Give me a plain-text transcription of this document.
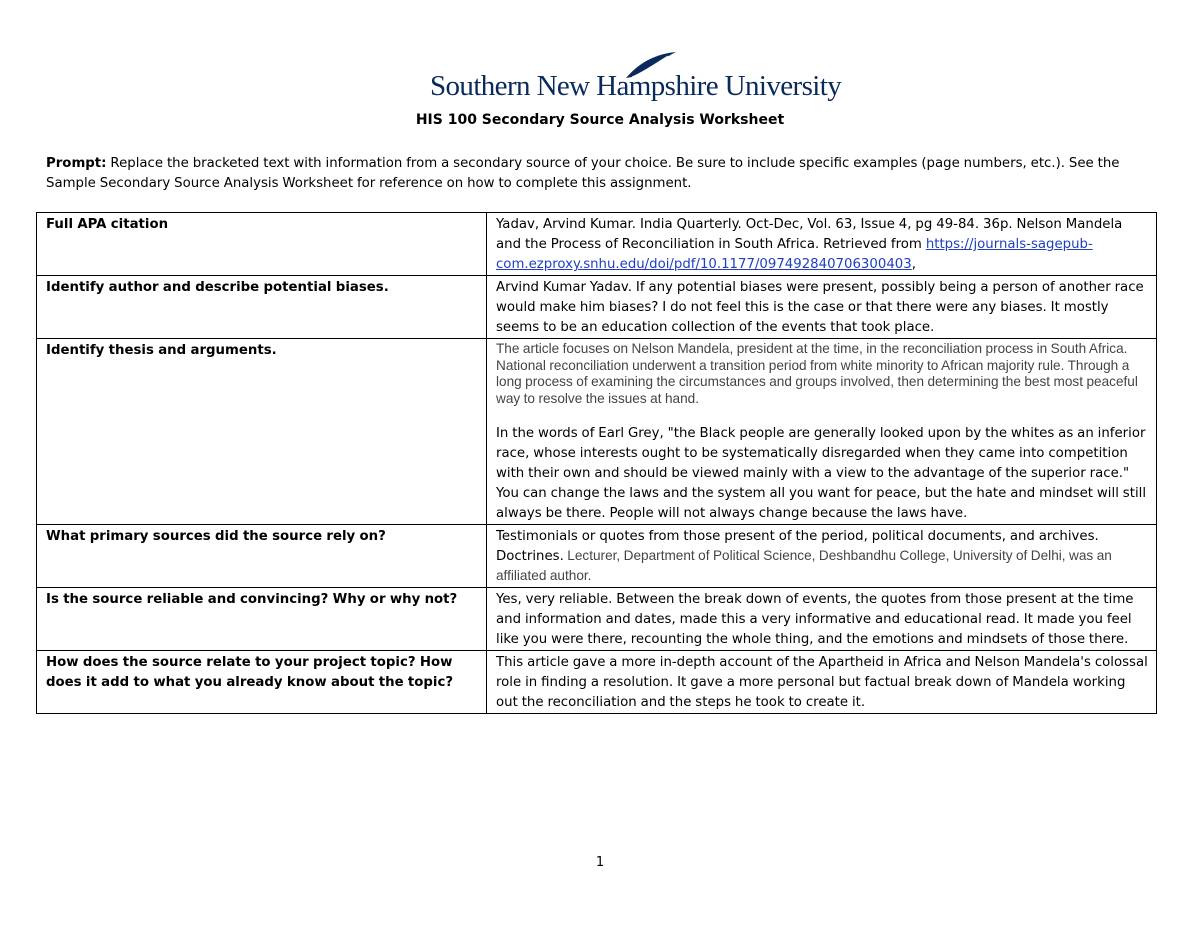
Southern New Hampshire University
HIS 100 Secondary Source Analysis Worksheet
Prompt: Replace the bracketed text with information from a secondary source of your choice. Be sure to include specific examples (page numbers, etc.). See the Sample Secondary Source Analysis Worksheet for reference on how to complete this assignment.
Full APA citation	Yadav, Arvind Kumar. India Quarterly. Oct-Dec, Vol. 63, Issue 4, pg 49-84. 36p. Nelson Mandela and the Process of Reconciliation in South Africa. Retrieved from https://journals-sagepub-com.ezproxy.snhu.edu/doi/pdf/10.1177/097492840706300403,
Identify author and describe potential biases.	Arvind Kumar Yadav. If any potential biases were present, possibly being a person of another race would make him biases? I do not feel this is the case or that there were any biases. It mostly seems to be an education collection of the events that took place.
Identify thesis and arguments.	The article focuses on Nelson Mandela, president at the time, in the reconciliation process in South Africa. National reconciliation underwent a transition period from white minority to African majority rule. Through a long process of examining the circumstances and groups involved, then determining the best most peaceful way to resolve the issues at hand.
In the words of Earl Grey, "the Black people are generally looked upon by the whites as an inferior race, whose interests ought to be systematically disregarded when they came into competition with their own and should be viewed mainly with a view to the advantage of the superior race." You can change the laws and the system all you want for peace, but the hate and mindset will still always be there. People will not always change because the laws have.

What primary sources did the source rely on?	Testimonials or quotes from those present of the period, political documents, and archives. Doctrines. Lecturer, Department of Political Science, Deshbandhu College, University of Delhi, was an affiliated author.
Is the source reliable and convincing? Why or why not?	Yes, very reliable. Between the break down of events, the quotes from those present at the time and information and dates, made this a very informative and educational read. It made you feel like you were there, recounting the whole thing, and the emotions and mindsets of those there.
How does the source relate to your project topic? How does it add to what you already know about the topic?	This article gave a more in-depth account of the Apartheid in Africa and Nelson Mandela's colossal role in finding a resolution. It gave a more personal but factual break down of Mandela working out the reconciliation and the steps he took to create it.
1
